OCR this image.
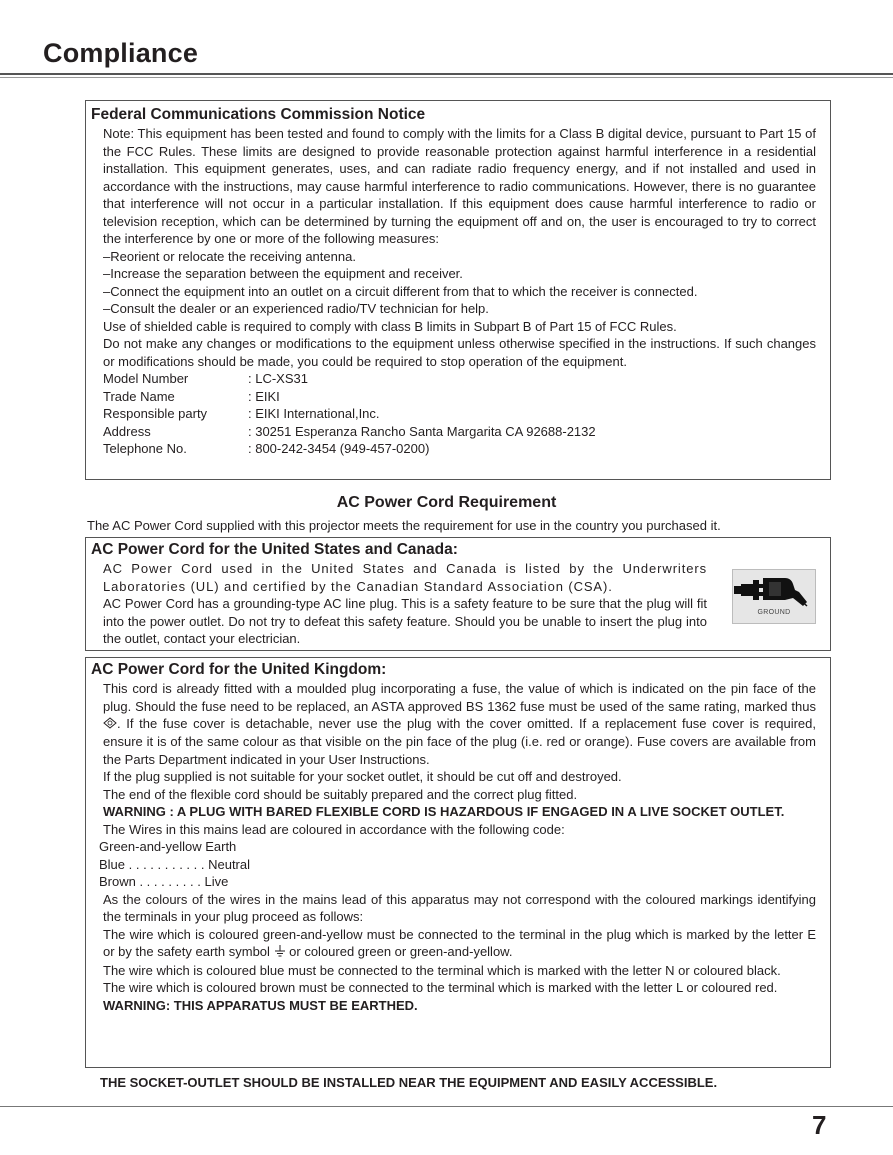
Compliance

Federal Communications Commission Notice

Note: This equipment has been tested and found to comply with the limits for a Class B digital device, pursuant to Part 15 of the FCC Rules. These limits are designed to provide reasonable protection against harmful interference in a residential installation. This equipment generates, uses, and can radiate radio frequency energy, and if not installed and used in accordance with the instructions, may cause harmful interference to radio communications. However, there is no guarantee that interference will not occur in a particular installation. If this equipment does cause harmful interference to radio or television reception, which can be determined by turning the equipment off and on, the user is encouraged to try to correct the interference by one or more of the following measures:

–Reorient or relocate the receiving antenna.

–Increase the separation between the equipment and receiver.

–Connect the equipment into an outlet on a circuit different from that to which the receiver is connected.

–Consult the dealer or an experienced radio/TV technician for help.

Use of shielded cable is required to comply with class B limits in Subpart B of Part 15 of FCC Rules.

Do not make any changes or modifications to the equipment unless otherwise specified in the instructions. If such changes or modifications should be made, you could be required to stop operation of the equipment.

Model Number	: LC-XS31
Trade Name	: EIKI
Responsible party	: EIKI International,Inc.
Address	: 30251 Esperanza Rancho Santa Margarita CA 92688-2132
Telephone No.	: 800-242-3454 (949-457-0200)

AC Power Cord Requirement

The AC Power Cord supplied with this projector meets the requirement for use in the country you purchased it.

AC Power Cord for the United States and Canada:

AC Power Cord used in the United States and Canada is listed by the Underwriters Laboratories (UL) and certified by the Canadian Standard Association (CSA).

AC Power Cord has a grounding-type AC line plug. This is a safety feature to be sure that the plug will fit into the power outlet. Do not try to defeat this safety feature. Should you be unable to insert the plug into the outlet, contact your electrician.

GROUND

AC Power Cord for the United Kingdom:

This cord is already fitted with a moulded plug incorporating a fuse, the value of which is indicated on the pin face of the plug. Should the fuse need to be replaced, an ASTA approved BS 1362 fuse must be used of the same rating, marked thus . If the fuse cover is detachable, never use the plug with the cover omitted. If a replacement fuse cover is required, ensure it is of the same colour as that visible on the pin face of the plug (i.e. red or orange). Fuse covers are available from the Parts Department indicated in your User Instructions.

If the plug supplied is not suitable for your socket outlet, it should be cut off and destroyed.

The end of the flexible cord should be suitably prepared and the correct plug fitted.

WARNING : A PLUG WITH BARED FLEXIBLE CORD IS HAZARDOUS IF ENGAGED IN A LIVE SOCKET OUTLET.

The Wires in this mains lead are coloured in accordance with the following code:

Green-and-yellow Earth

Blue . . . . . . . . . . . Neutral

Brown . . . . . . . . . Live

As the colours of the wires in the mains lead of this apparatus may not correspond with the coloured markings identifying the terminals in your plug proceed as follows:

The wire which is coloured green-and-yellow must be connected to the terminal in the plug which is marked by the letter E or by the safety earth symbol  or coloured green or green-and-yellow.

The wire which is coloured blue must be connected to the terminal which is marked with the letter N or coloured black.

The wire which is coloured brown must be connected to the terminal which is marked with the letter L or coloured red.

WARNING: THIS APPARATUS MUST BE EARTHED.

THE SOCKET-OUTLET SHOULD BE INSTALLED NEAR THE EQUIPMENT AND EASILY ACCESSIBLE.

7
